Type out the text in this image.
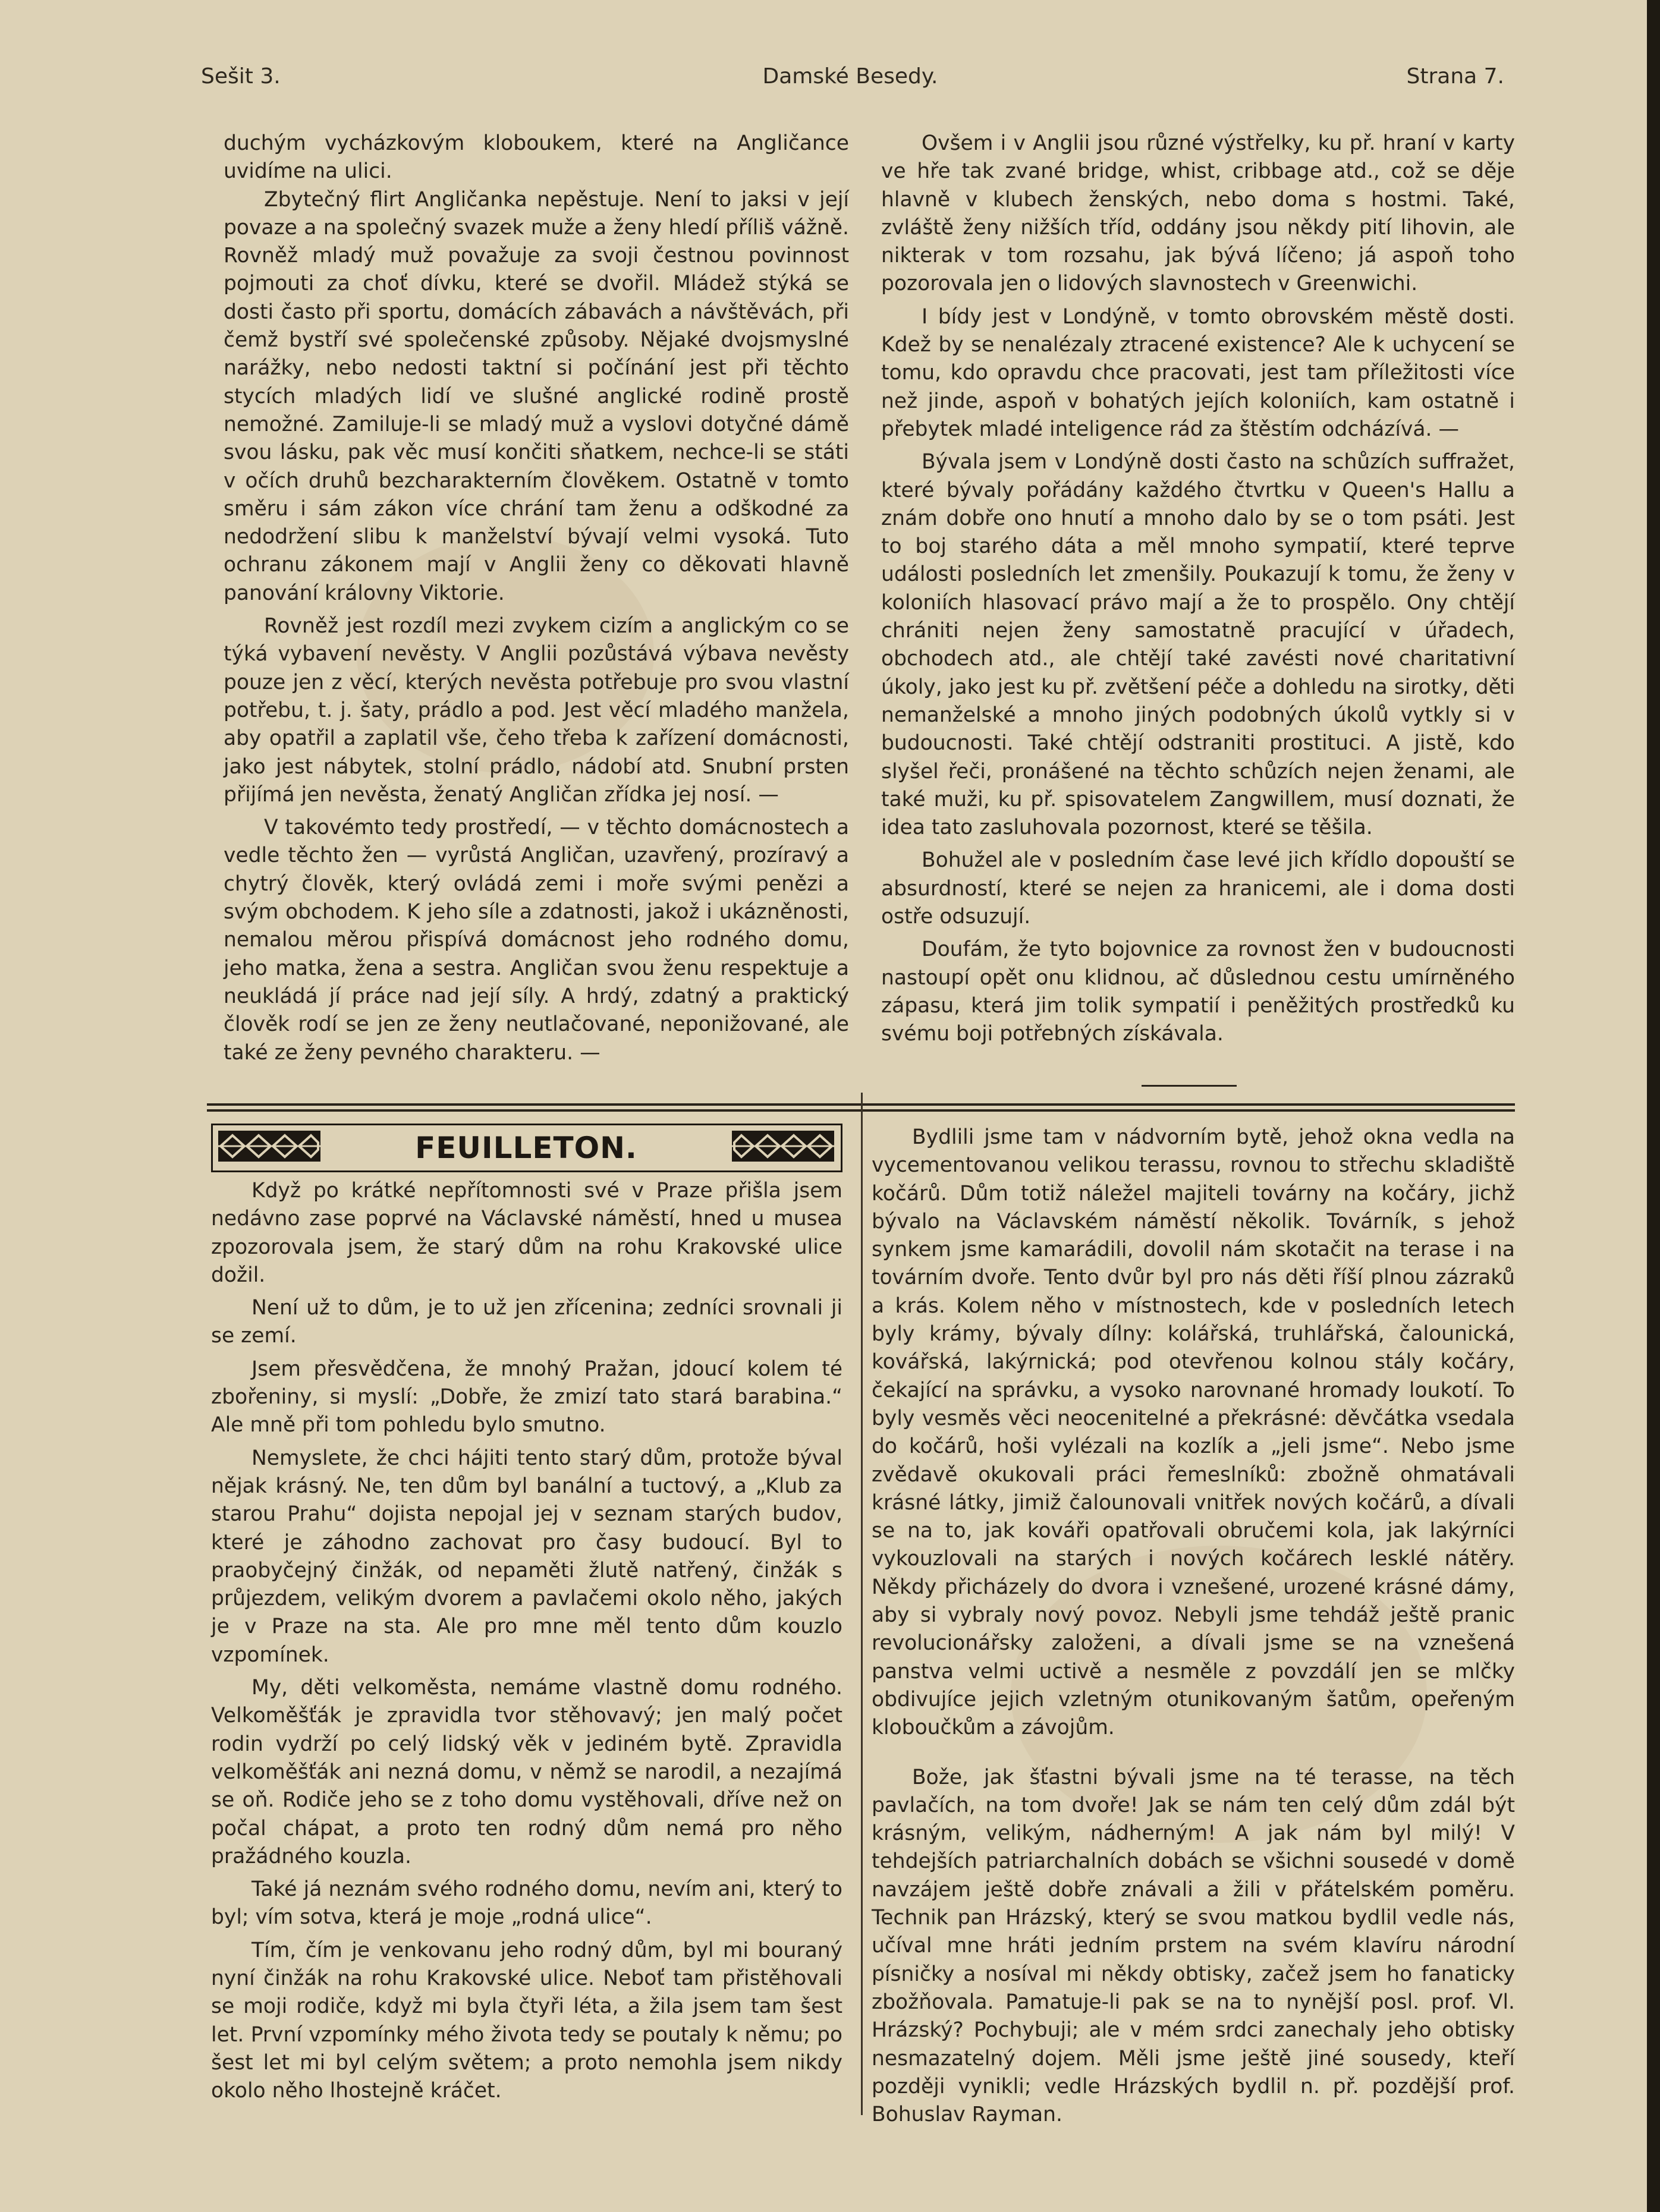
Damské Besedy.
Sešit 3.	Strana 7.

duchým vycházkovým kloboukem, které na Angličance uvidíme na ulici.

Zbytečný flirt Angličanka nepěstuje. Není to jaksi v její povaze a na společný svazek muže a ženy hledí příliš vážně. Rovněž mladý muž považuje za svoji čestnou povinnost pojmouti za choť dívku, které se dvořil. Mládež stýká se dosti často při sportu, domácích zábavách a návštěvách, při čemž bystří své společenské způsoby. Nějaké dvojsmyslné narážky, nebo nedosti taktní si počínání jest při těchto stycích mladých lidí ve slušné anglické rodině prostě nemožné. Zamiluje-li se mladý muž a vyslovi dotyčné dámě svou lásku, pak věc musí končiti sňatkem, nechce-li se státi v očích druhů bezcharakterním člověkem. Ostatně v tomto směru i sám zákon více chrání tam ženu a odškodné za nedodržení slibu k manželství bývají velmi vysoká. Tuto ochranu zákonem mají v Anglii ženy co děkovati hlavně panování královny Viktorie.

Rovněž jest rozdíl mezi zvykem cizím a anglickým co se týká vybavení nevěsty. V Anglii pozůstává výbava nevěsty pouze jen z věcí, kterých nevěsta potřebuje pro svou vlastní potřebu, t. j. šaty, prádlo a pod. Jest věcí mladého manžela, aby opatřil a zaplatil vše, čeho třeba k zařízení domácnosti, jako jest nábytek, stolní prádlo, nádobí atd. Snubní prsten přijímá jen nevěsta, ženatý Angličan zřídka jej nosí. —

V takovémto tedy prostředí, — v těchto domácnostech a vedle těchto žen — vyrůstá Angličan, uzavřený, prozíravý a chytrý člověk, který ovládá zemi i moře svými penězi a svým obchodem. K jeho síle a zdatnosti, jakož i ukázněnosti, nemalou měrou přispívá domácnost jeho rodného domu, jeho matka, žena a sestra. Angličan svou ženu respektuje a neukládá jí práce nad její síly. A hrdý, zdatný a praktický člověk rodí se jen ze ženy neutlačované, neponižované, ale také ze ženy pevného charakteru. —

Ovšem i v Anglii jsou různé výstřelky, ku př. hraní v karty ve hře tak zvané bridge, whist, cribbage atd., což se děje hlavně v klubech ženských, nebo doma s hostmi. Také, zvláště ženy nižších tříd, oddány jsou někdy pití lihovin, ale nikterak v tom rozsahu, jak bývá líčeno; já aspoň toho pozorovala jen o lidových slavnostech v Greenwichi.

I bídy jest v Londýně, v tomto obrovském městě dosti. Kdež by se nenalézaly ztracené existence? Ale k uchycení se tomu, kdo opravdu chce pracovati, jest tam příležitosti více než jinde, aspoň v bohatých jejích koloniích, kam ostatně i přebytek mladé inteligence rád za štěstím odcházívá. —

Bývala jsem v Londýně dosti často na schůzích suffražet, které bývaly pořádány každého čtvrtku v Queen's Hallu a znám dobře ono hnutí a mnoho dalo by se o tom psáti. Jest to boj starého dáta a měl mnoho sympatií, které teprve události posledních let zmenšily. Poukazují k tomu, že ženy v koloniích hlasovací právo mají a že to prospělo. Ony chtějí chrániti nejen ženy samostatně pracující v úřadech, obchodech atd., ale chtějí také zavésti nové charitativní úkoly, jako jest ku př. zvětšení péče a dohledu na sirotky, děti nemanželské a mnoho jiných podobných úkolů vytkly si v budoucnosti. Také chtějí odstraniti prostituci. A jistě, kdo slyšel řeči, pronášené na těchto schůzích nejen ženami, ale také muži, ku př. spisovatelem Zangwillem, musí doznati, že idea tato zasluhovala pozornost, které se těšila.

Bohužel ale v posledním čase levé jich křídlo dopouští se absurdností, které se nejen za hranicemi, ale i doma dosti ostře odsuzují.

Doufám, že tyto bojovnice za rovnost žen v budoucnosti nastoupí opět onu klidnou, ač důslednou cestu umírněného zápasu, která jim tolik sympatií i peněžitých prostředků ku svému boji potřebných získávala.

FEUILLETON.

Když po krátké nepřítomnosti své v Praze přišla jsem nedávno zase poprvé na Václavské náměstí, hned u musea zpozorovala jsem, že starý dům na rohu Krakovské ulice dožil.

Není už to dům, je to už jen zřícenina; zedníci srovnali ji se zemí.

Jsem přesvědčena, že mnohý Pražan, jdoucí kolem té zbořeniny, si myslí: „Dobře, že zmizí tato stará barabina.“ Ale mně při tom pohledu bylo smutno.

Nemyslete, že chci hájiti tento starý dům, protože býval nějak krásný. Ne, ten dům byl banální a tuctový, a „Klub za starou Prahu“ dojista nepojal jej v seznam starých budov, které je záhodno zachovat pro časy budoucí. Byl to praobyčejný činžák, od nepaměti žlutě natřený, činžák s průjezdem, velikým dvorem a pavlačemi okolo něho, jakých je v Praze na sta. Ale pro mne měl tento dům kouzlo vzpomínek.

My, děti velkoměsta, nemáme vlastně domu rodného. Velkoměšťák je zpravidla tvor stěhovavý; jen malý počet rodin vydrží po celý lidský věk v jediném bytě. Zpravidla velkoměšťák ani nezná domu, v němž se narodil, a nezajímá se oň. Rodiče jeho se z toho domu vystěhovali, dříve než on počal chápat, a proto ten rodný dům nemá pro něho pražádného kouzla.

Také já neznám svého rodného domu, nevím ani, který to byl; vím sotva, která je moje „rodná ulice“.

Tím, čím je venkovanu jeho rodný dům, byl mi bouraný nyní činžák na rohu Krakovské ulice. Neboť tam přistěhovali se moji rodiče, když mi byla čtyři léta, a žila jsem tam šest let. První vzpomínky mého života tedy se poutaly k němu; po šest let mi byl celým světem; a proto nemohla jsem nikdy okolo něho lhostejně kráčet.

Bydlili jsme tam v nádvorním bytě, jehož okna vedla na vycementovanou velikou terassu, rovnou to střechu skladiště kočárů. Dům totiž náležel majiteli továrny na kočáry, jichž bývalo na Václavském náměstí několik. Továrník, s jehož synkem jsme kamarádili, dovolil nám skotačit na terase i na továrním dvoře. Tento dvůr byl pro nás děti říší plnou zázraků a krás. Kolem něho v místnostech, kde v posledních letech byly krámy, bývaly dílny: kolářská, truhlářská, čalounická, kovářská, lakýrnická; pod otevřenou kolnou stály kočáry, čekající na správku, a vysoko narovnané hromady loukotí. To byly vesměs věci neocenitelné a překrásné: děvčátka vsedala do kočárů, hoši vylézali na kozlík a „jeli jsme“. Nebo jsme zvědavě okukovali práci řemeslníků: zbožně ohmatávali krásné látky, jimiž čalounovali vnitřek nových kočárů, a dívali se na to, jak kováři opatřovali obručemi kola, jak lakýrníci vykouzlovali na starých i nových kočárech lesklé nátěry. Někdy přicházely do dvora i vznešené, urozené krásné dámy, aby si vybraly nový povoz. Nebyli jsme tehdáž ještě pranic revolucionářsky založeni, a dívali jsme se na vznešená panstva velmi uctivě a nesměle z povzdálí jen se mlčky obdivujíce jejich vzletným otunikovaným šatům, opeřeným kloboučkům a závojům.

Bože, jak šťastni bývali jsme na té terasse, na těch pavlačích, na tom dvoře! Jak se nám ten celý dům zdál být krásným, velikým, nádherným! A jak nám byl milý! V tehdejších patriarchalních dobách se všichni sousedé v domě navzájem ještě dobře znávali a žili v přátelském poměru. Technik pan Hrázský, který se svou matkou bydlil vedle nás, učíval mne hráti jedním prstem na svém klavíru národní písničky a nosíval mi někdy obtisky, začež jsem ho fanaticky zbožňovala. Pamatuje-li pak se na to nynější posl. prof. Vl. Hrázský? Pochybuji; ale v mém srdci zanechaly jeho obtisky nesmazatelný dojem. Měli jsme ještě jiné sousedy, kteří později vynikli; vedle Hrázských bydlil n. př. pozdější prof. Bohuslav Rayman.
